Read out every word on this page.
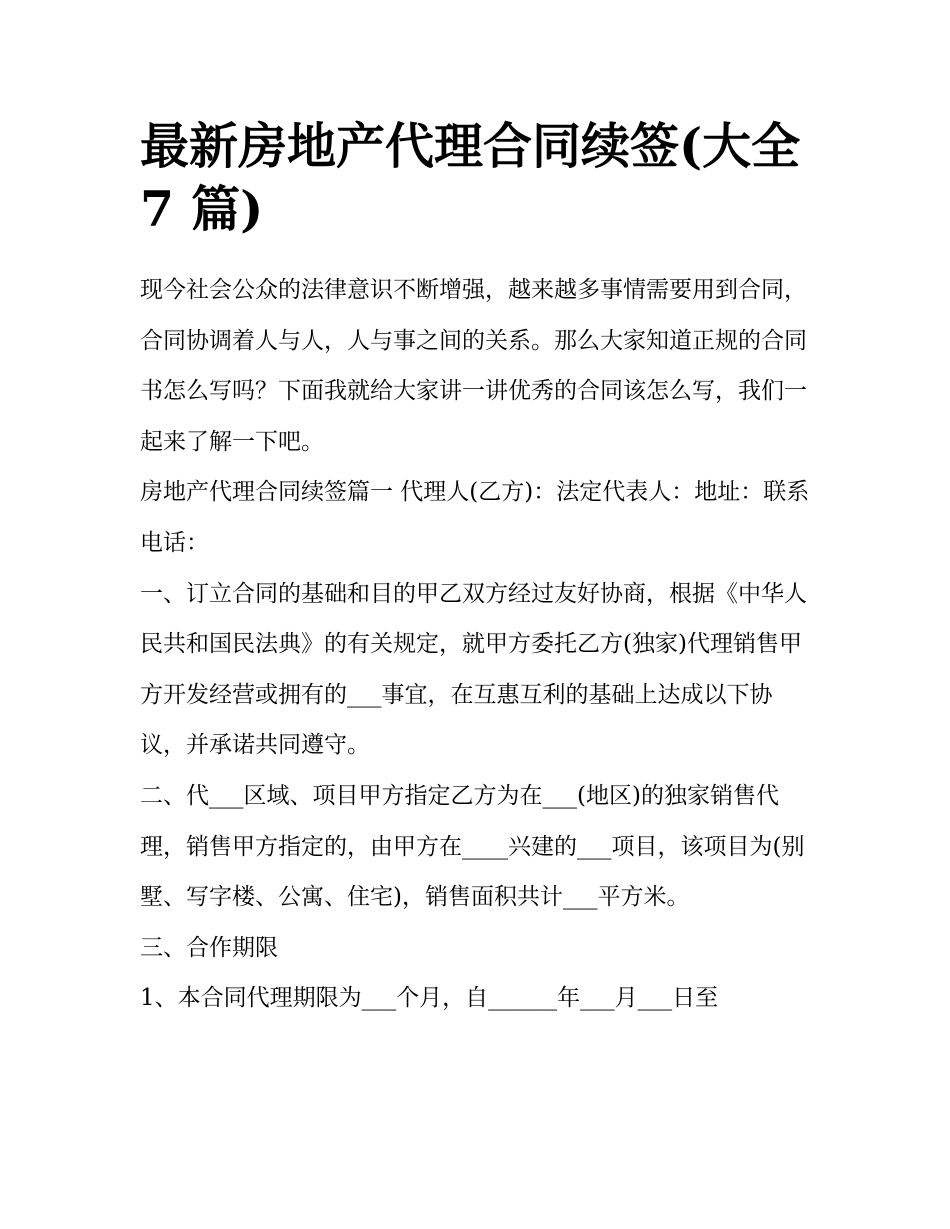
最新房地产代理合同续签(大全 7 篇)

现今社会公众的法律意识不断增强，越来越多事情需要用到合同，合同协调着人与人，人与事之间的关系。那么大家知道正规的合同书怎么写吗？下面我就给大家讲一讲优秀的合同该怎么写，我们一起来了解一下吧。

房地产代理合同续签篇一 代理人(乙方)：法定代表人：地址：联系电话：

一、订立合同的基础和目的甲乙双方经过友好协商，根据《中华人民共和国民法典》的有关规定，就甲方委托乙方(独家)代理销售甲方开发经营或拥有的___事宜，在互惠互利的基础上达成以下协议，并承诺共同遵守。

二、代___区域、项目甲方指定乙方为在___(地区)的独家销售代理，销售甲方指定的，由甲方在____兴建的___项目，该项目为(别墅、写字楼、公寓、住宅)，销售面积共计___平方米。

三、合作期限

1、本合同代理期限为___个月，自______年___月___日至
